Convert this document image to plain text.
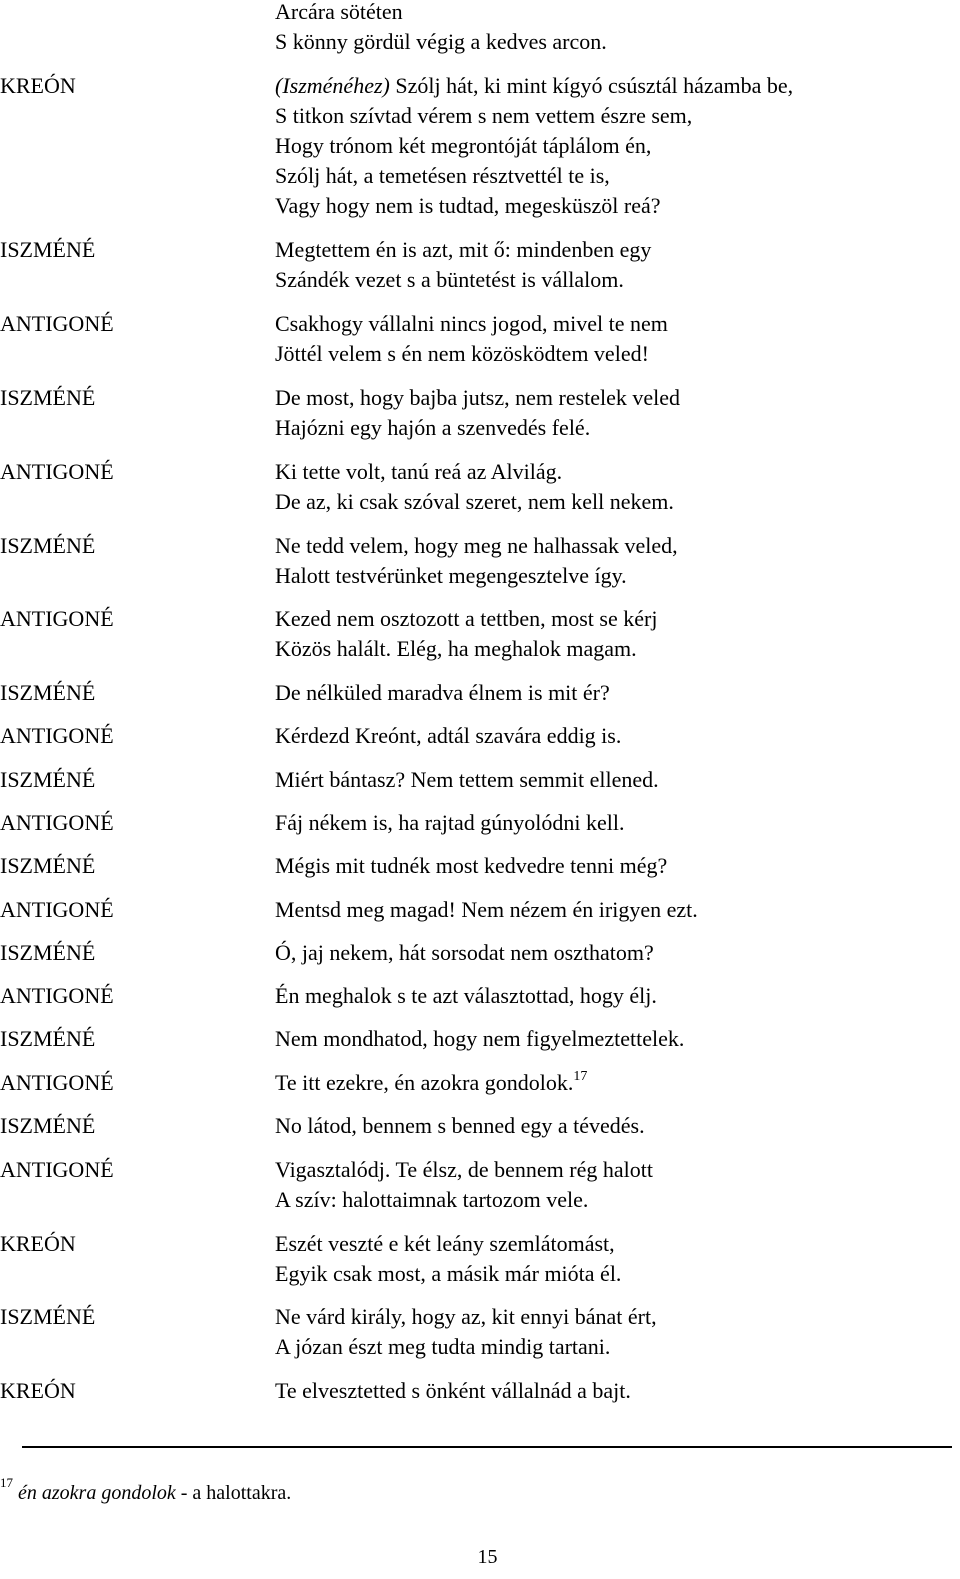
Arcára sötéten

S könny gördül végig a kedves arcon.

KREÓN	(Iszménéhez) Szólj hát, ki mint kígyó csúsztál házamba be,

S titkon szívtad vérem s nem vettem észre sem,

Hogy trónom két megrontóját táplálom én,

Szólj hát, a temetésen résztvettél te is,

Vagy hogy nem is tudtad, megesküszöl reá?

ISZMÉNÉ	Megtettem én is azt, mit ő: mindenben egy

Szándék vezet s a büntetést is vállalom.

ANTIGONÉ	Csakhogy vállalni nincs jogod, mivel te nem

Jöttél velem s én nem közösködtem veled!

ISZMÉNÉ	De most, hogy bajba jutsz, nem restelek veled

Hajózni egy hajón a szenvedés felé.

ANTIGONÉ	Ki tette volt, tanú reá az Alvilág.

De az, ki csak szóval szeret, nem kell nekem.

ISZMÉNÉ	Ne tedd velem, hogy meg ne halhassak veled,

Halott testvérünket megengesztelve így.

ANTIGONÉ	Kezed nem osztozott a tettben, most se kérj

Közös halált. Elég, ha meghalok magam.

ISZMÉNÉ	De nélküled maradva élnem is mit ér?

ANTIGONÉ	Kérdezd Kreónt, adtál szavára eddig is.

ISZMÉNÉ	Miért bántasz? Nem tettem semmit ellened.

ANTIGONÉ	Fáj nékem is, ha rajtad gúnyolódni kell.

ISZMÉNÉ	Mégis mit tudnék most kedvedre tenni még?

ANTIGONÉ	Mentsd meg magad! Nem nézem én irigyen ezt.

ISZMÉNÉ	Ó, jaj nekem, hát sorsodat nem oszthatom?

ANTIGONÉ	Én meghalok s te azt választottad, hogy élj.

ISZMÉNÉ	Nem mondhatod, hogy nem figyelmeztettelek.

ANTIGONÉ	Te itt ezekre, én azokra gondolok.$^{17}$

ISZMÉNÉ	No látod, bennem s benned egy a tévedés.

ANTIGONÉ	Vigasztalódj. Te élsz, de bennem rég halott

A szív: halottaimnak tartozom vele.

KREÓN	Eszét veszté e két leány szemlátomást,

Egyik csak most, a másik már mióta él.

ISZMÉNÉ	Ne várd király, hogy az, kit ennyi bánat ért,

A józan észt meg tudta mindig tartani.

KREÓN	Te elvesztetted s önként vállalnád a bajt.

$^{17}$ én azokra gondolok - a halottakra.

15
